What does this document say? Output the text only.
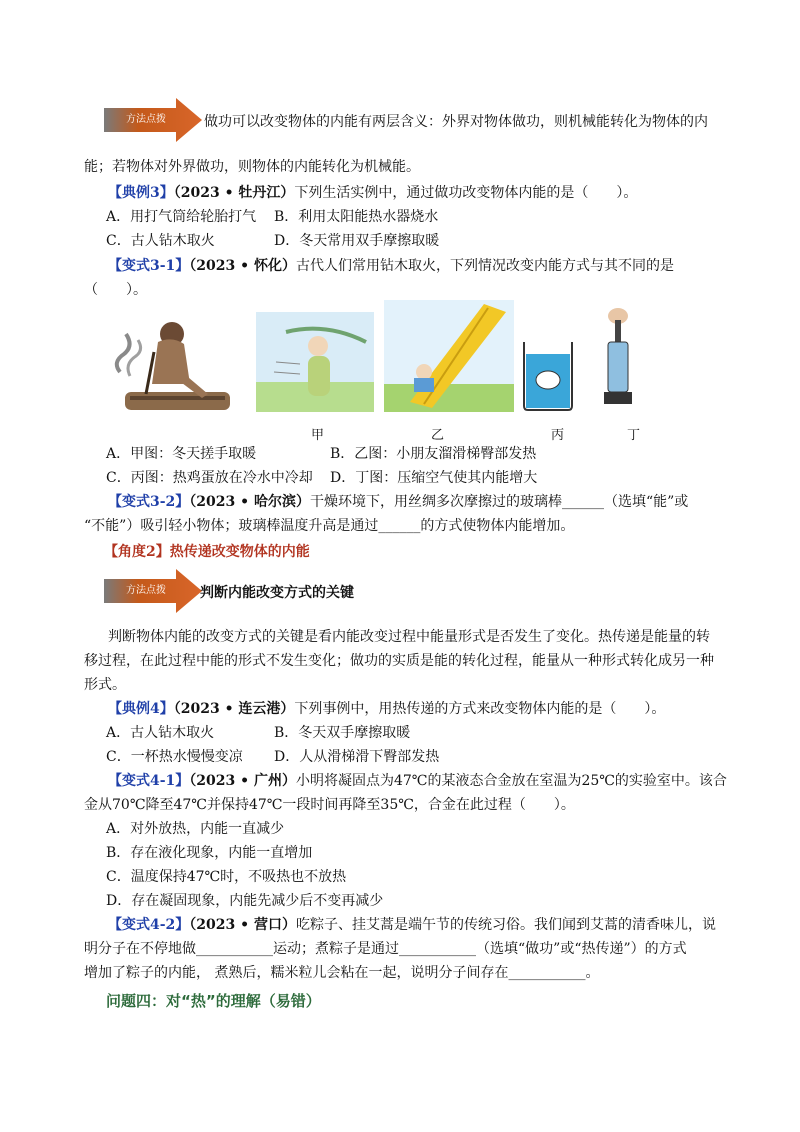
方法点拨	做功可以改变物体的内能有两层含义：外界对物体做功，则机械能转化为物体的内
能；若物体对外界做功，则物体的内能转化为机械能。
【典例3】（2023 • 牡丹江）下列生活实例中，通过做功改变物体内能的是（　　）。
A．用打气筒给轮胎打气 B．利用太阳能热水器烧水
C．古人钻木取火	D．冬天常用双手摩擦取暖
【变式3-1】（2023 • 怀化）古代人们常用钻木取火，下列情况改变内能方式与其不同的是
（　　）。
甲	乙	丙	丁
A．甲图：冬天搓手取暖	B．乙图：小朋友溜滑梯臀部发热
C．丙图：热鸡蛋放在冷水中冷却 D．丁图：压缩空气使其内能增大
【变式3-2】（2023 • 哈尔滨）干燥环境下，用丝绸多次摩擦过的玻璃棒______（选填“能”或
“不能”）吸引轻小物体；玻璃棒温度升高是通过______的方式使物体内能增加。
【角度2】热传递改变物体的内能
方法点拨	判断内能改变方式的关键
判断物体内能的改变方式的关键是看内能改变过程中能量形式是否发生了变化。热传递是能量的转
移过程，在此过程中能的形式不发生变化；做功的实质是能的转化过程，能量从一种形式转化成另一种
形式。
【典例4】（2023 • 连云港）下列事例中，用热传递的方式来改变物体内能的是（　　）。
A．古人钻木取火	B．冬天双手摩擦取暖
C．一杯热水慢慢变凉 D．人从滑梯滑下臀部发热
【变式4-1】（2023 • 广州）小明将凝固点为47℃的某液态合金放在室温为25℃的实验室中。该合
金从70℃降至47℃并保持47℃一段时间再降至35℃，合金在此过程（　　）。
A．对外放热，内能一直减少
B．存在液化现象，内能一直增加
C．温度保持47℃时，不吸热也不放热
D．存在凝固现象，内能先减少后不变再减少
【变式4-2】（2023 • 营口）吃粽子、挂艾蒿是端午节的传统习俗。我们闻到艾蒿的清香味儿，说
明分子在不停地做___________运动；煮粽子是通过___________（选填“做功”或“热传递”）的方式
增加了粽子的内能， 煮熟后，糯米粒儿会粘在一起，说明分子间存在___________。
问题四：对“热”的理解（易错）
